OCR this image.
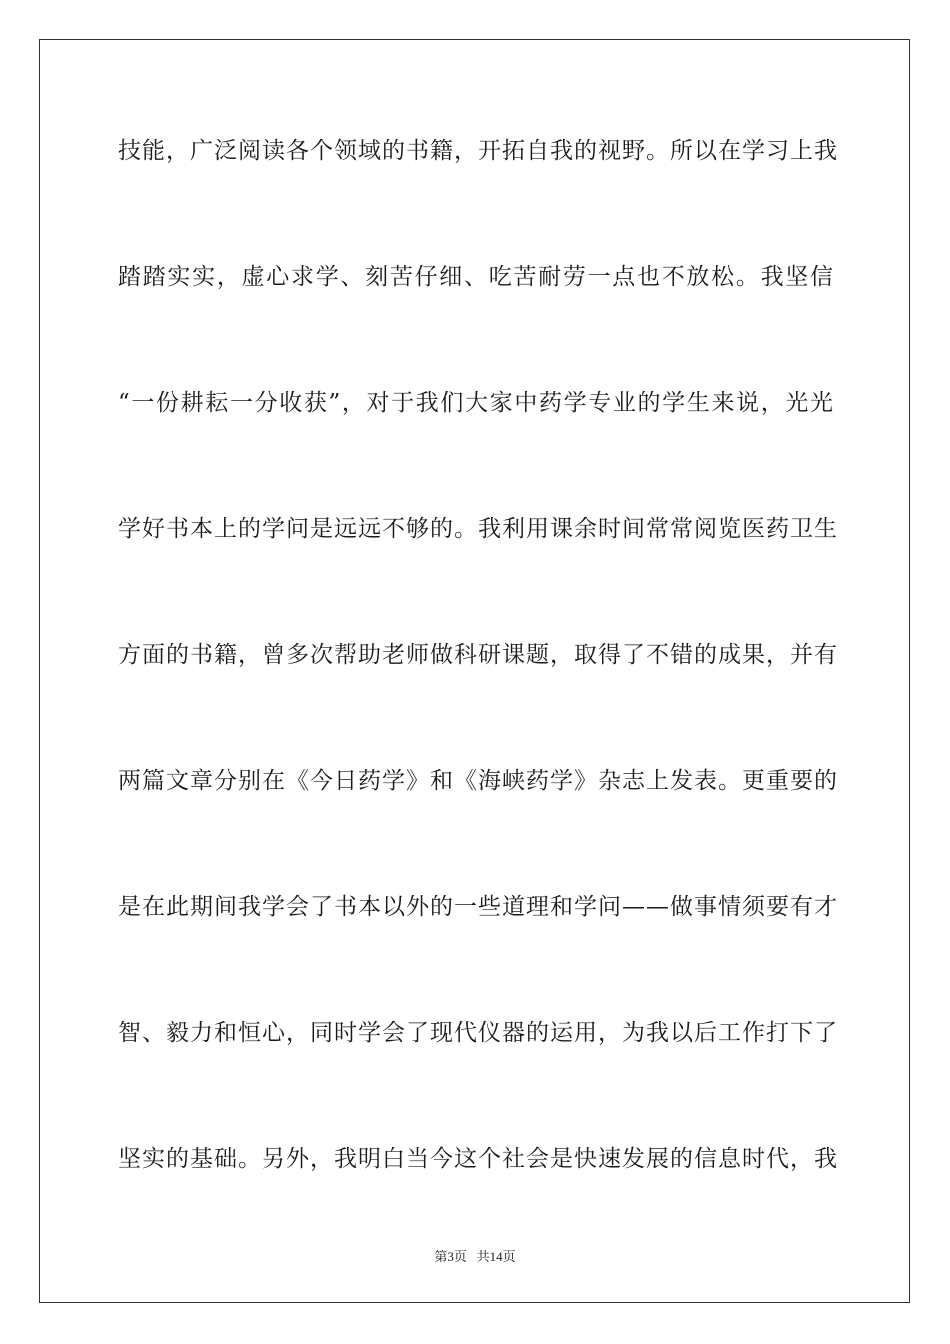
技能，广泛阅读各个领域的书籍，开拓自我的视野。所以在学习上我
踏踏实实，虚心求学、刻苦仔细、吃苦耐劳一点也不放松。我坚信
“一份耕耘一分收获”，对于我们大家中药学专业的学生来说，光光
学好书本上的学问是远远不够的。我利用课余时间常常阅览医药卫生
方面的书籍，曾多次帮助老师做科研课题，取得了不错的成果，并有
两篇文章分别在《今日药学》和《海峡药学》杂志上发表。更重要的
是在此期间我学会了书本以外的一些道理和学问——做事情须要有才
智、毅力和恒心，同时学会了现代仪器的运用，为我以后工作打下了
坚实的基础。另外，我明白当今这个社会是快速发展的信息时代，我
第3页 共14页
